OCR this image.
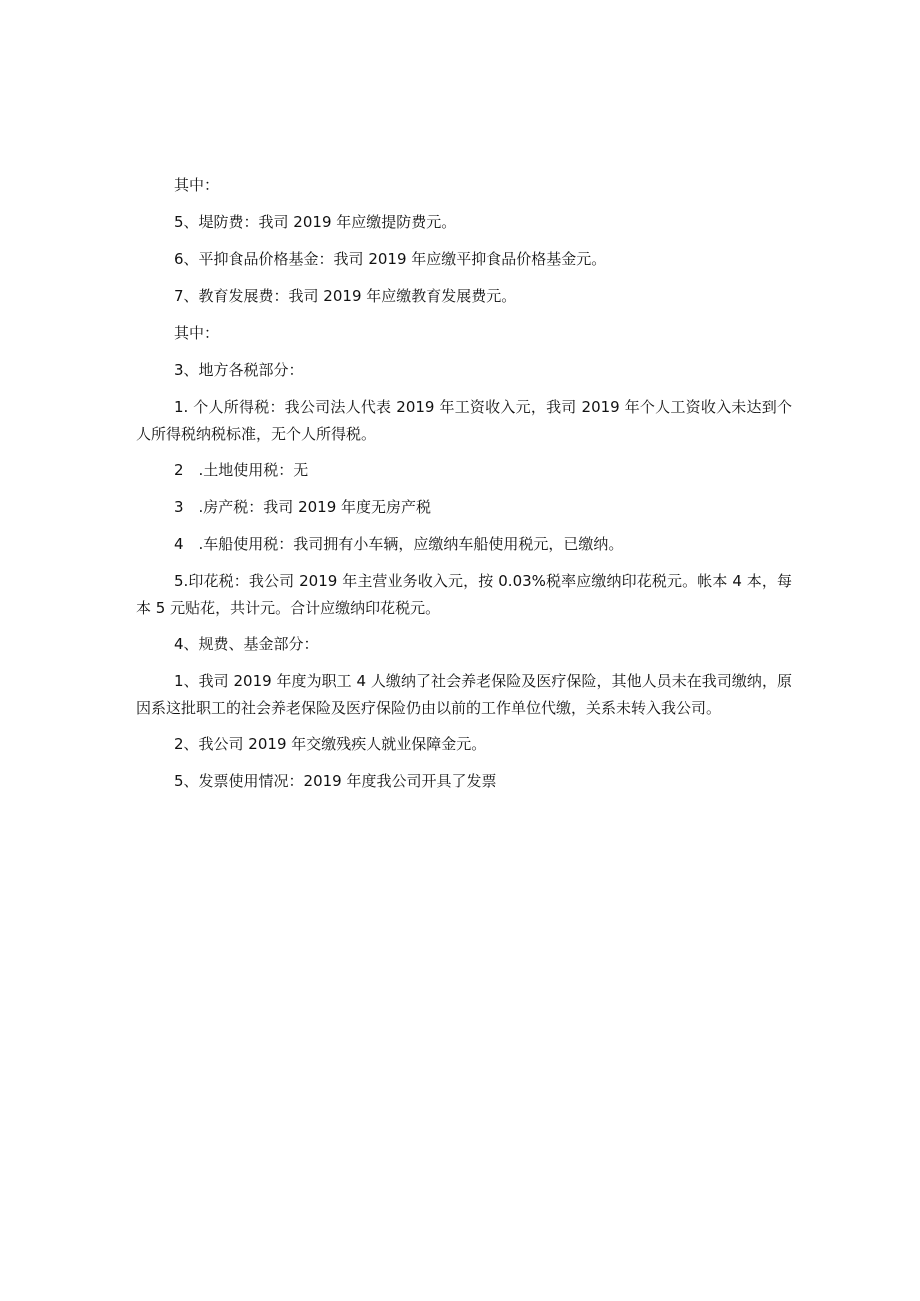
其中：

5、堤防费：我司 2019 年应缴提防费元。

6、平抑食品价格基金：我司 2019 年应缴平抑食品价格基金元。

7、教育发展费：我司 2019 年应缴教育发展费元。

其中：

3、地方各税部分：

1. 个人所得税：我公司法人代表 2019 年工资收入元，我司 2019 年个人工资收入未达到个人所得税纳税标准，无个人所得税。

2　.土地使用税：无

3　.房产税：我司 2019 年度无房产税

4　.车船使用税：我司拥有小车辆，应缴纳车船使用税元，已缴纳。

5.印花税：我公司 2019 年主营业务收入元，按 0.03%税率应缴纳印花税元。帐本 4 本，每本 5 元贴花，共计元。合计应缴纳印花税元。

4、规费、基金部分：

1、我司 2019 年度为职工 4 人缴纳了社会养老保险及医疗保险，其他人员未在我司缴纳，原因系这批职工的社会养老保险及医疗保险仍由以前的工作单位代缴，关系未转入我公司。

2、我公司 2019 年交缴残疾人就业保障金元。

5、发票使用情况：2019 年度我公司开具了发票
